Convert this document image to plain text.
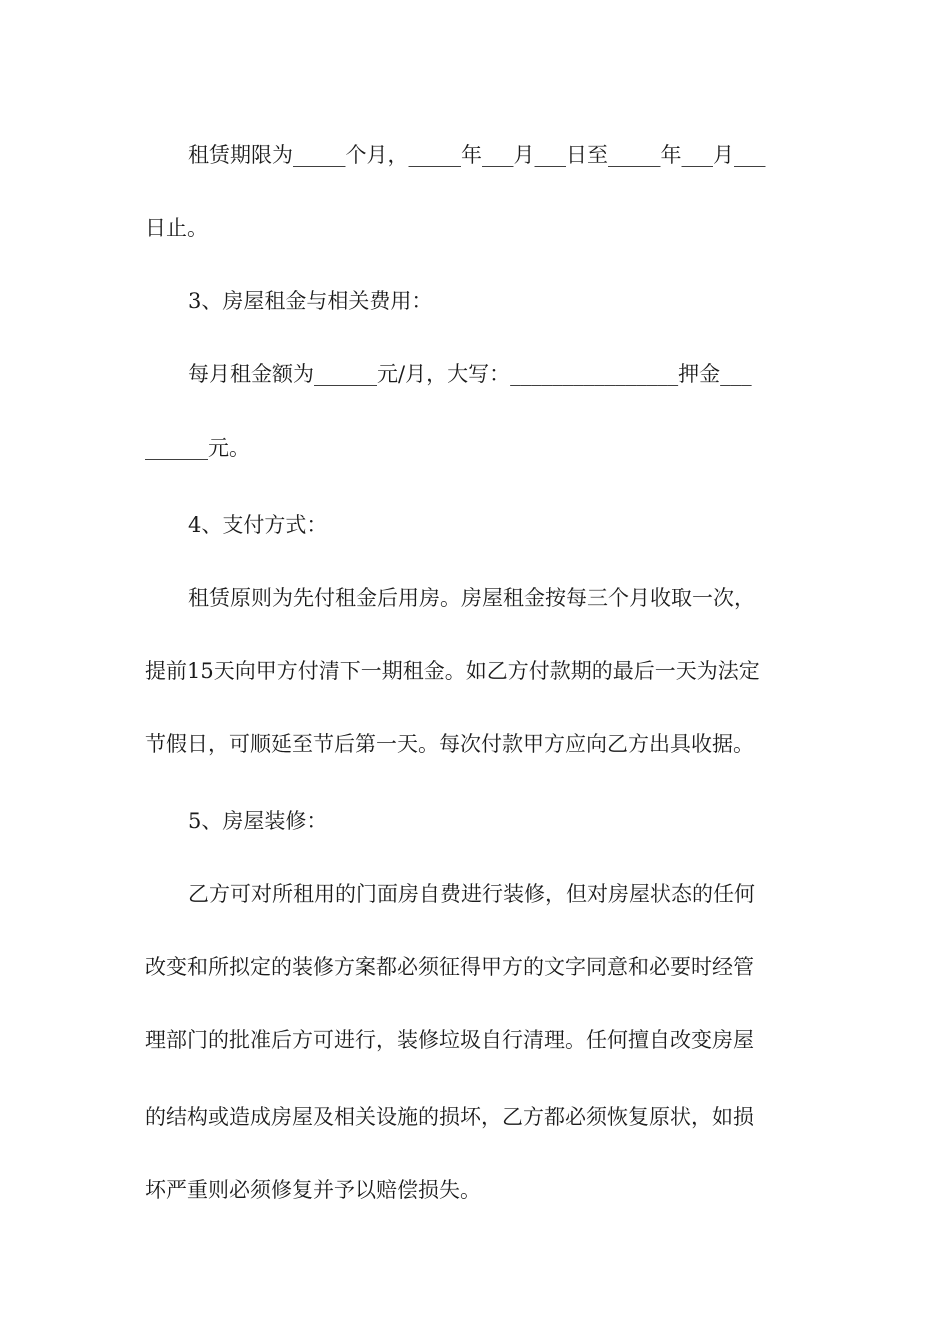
租赁期限为_____个月，_____年___月___日至_____年___月___
日止。
3、房屋租金与相关费用：
每月租金额为______元/月，大写：________________押金___
______元。
4、支付方式：
租赁原则为先付租金后用房。房屋租金按每三个月收取一次，
提前15天向甲方付清下一期租金。如乙方付款期的最后一天为法定
节假日，可顺延至节后第一天。每次付款甲方应向乙方出具收据。
5、房屋装修：
乙方可对所租用的门面房自费进行装修，但对房屋状态的任何
改变和所拟定的装修方案都必须征得甲方的文字同意和必要时经管
理部门的批准后方可进行，装修垃圾自行清理。任何擅自改变房屋
的结构或造成房屋及相关设施的损坏，乙方都必须恢复原状，如损
坏严重则必须修复并予以赔偿损失。
